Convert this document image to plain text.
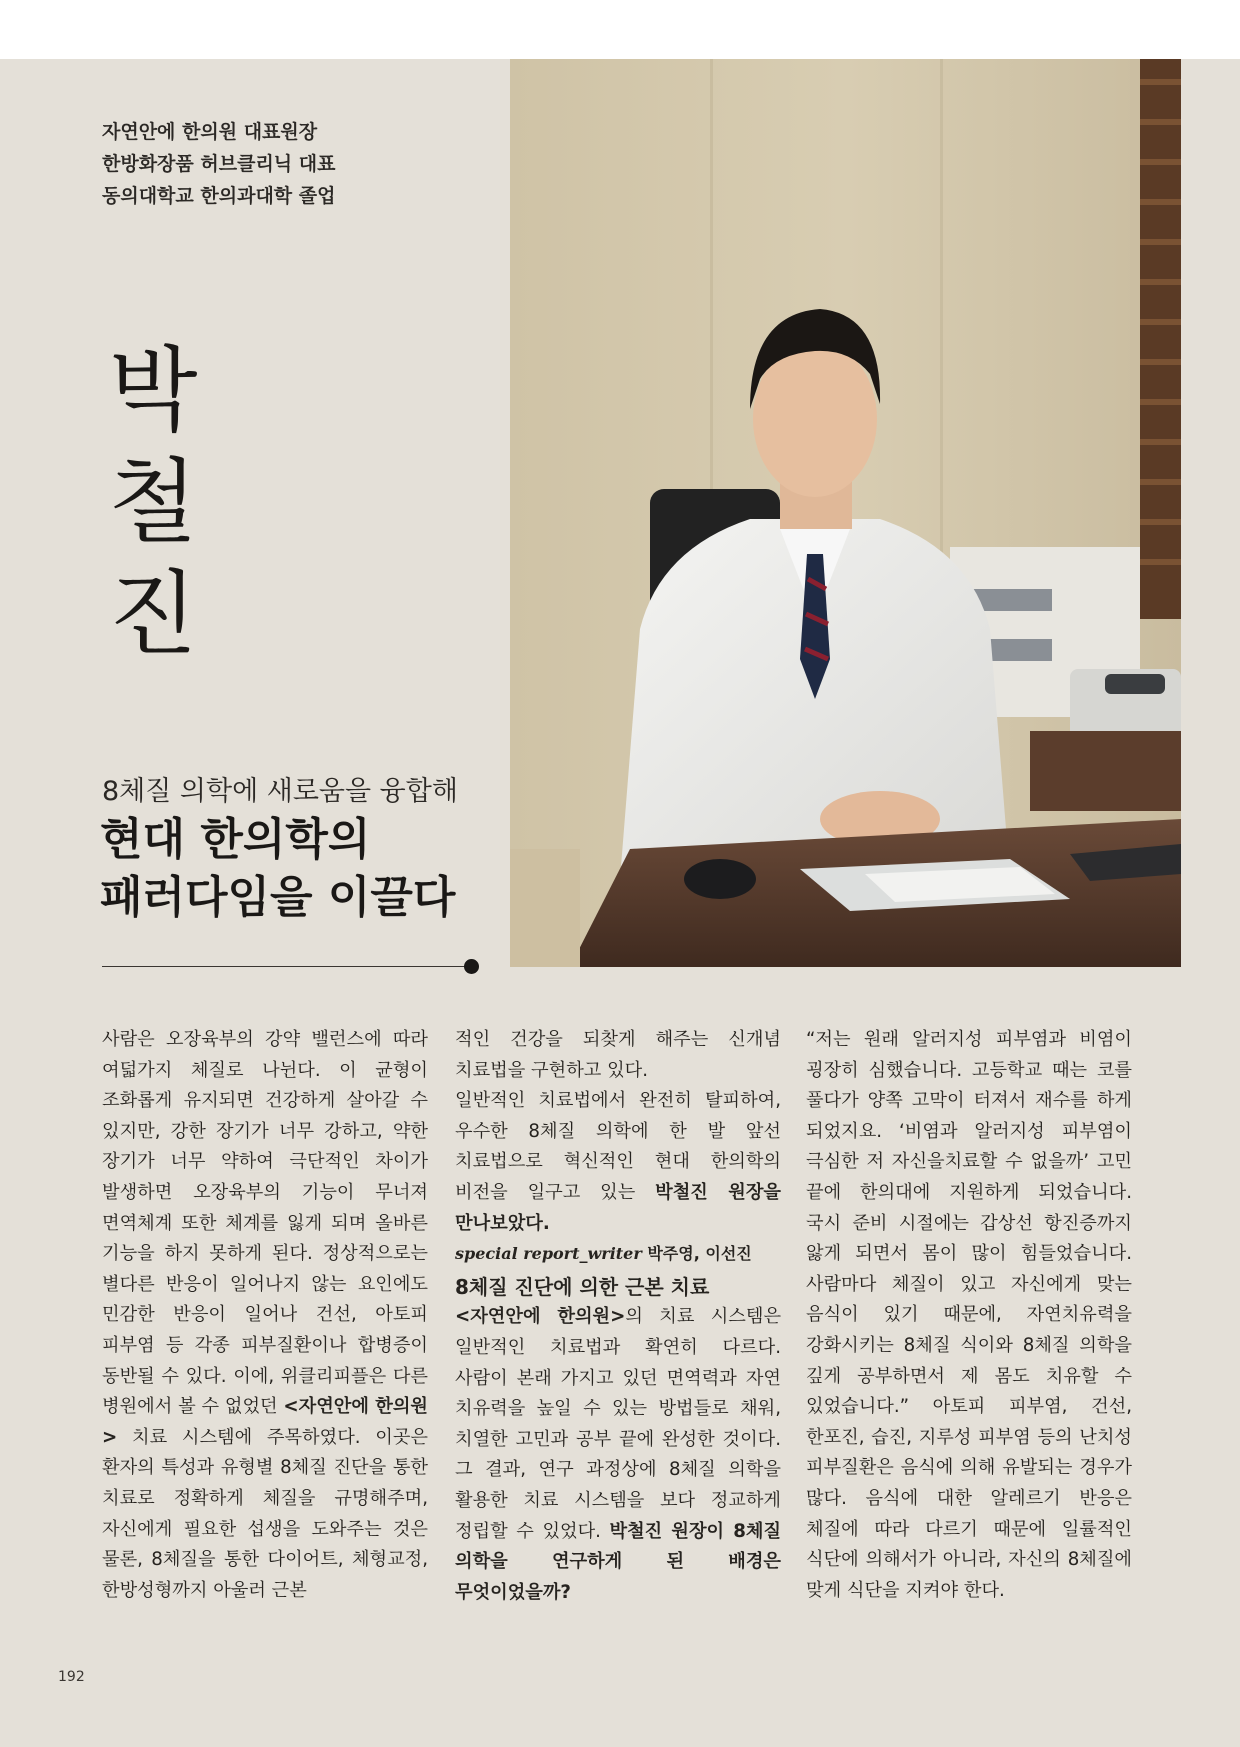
자연안에 한의원 대표원장
한방화장품 허브클리닉 대표
동의대학교 한의과대학 졸업
박
철
진
8체질 의학에 새로움을 융합해
현대 한의학의
패러다임을 이끌다

사람은 오장육부의 강약 밸런스에 따라 여덟가지 체질로 나뉜다. 이 균형이 조화롭게 유지되면 건강하게 살아갈 수 있지만, 강한 장기가 너무 강하고, 약한 장기가 너무 약하여 극단적인 차이가 발생하면 오장육부의 기능이 무너져 면역체계 또한 체계를 잃게 되며 올바른 기능을 하지 못하게 된다. 정상적으로는 별다른 반응이 일어나지 않는 요인에도 민감한 반응이 일어나 건선, 아토피 피부염 등 각종 피부질환이나 합병증이 동반될 수 있다. 이에, 위클리피플은 다른 병원에서 볼 수 없었던 <자연안에 한의원> 치료 시스템에 주목하였다. 이곳은 환자의 특성과 유형별 8체질 진단을 통한 치료로 정확하게 체질을 규명해주며, 자신에게 필요한 섭생을 도와주는 것은 물론, 8체질을 통한 다이어트, 체형교정, 한방성형까지 아울러 근본

적인 건강을 되찾게 해주는 신개념 치료법을 구현하고 있다.

일반적인 치료법에서 완전히 탈피하여, 우수한 8체질 의학에 한 발 앞선 치료법으로 혁신적인 현대 한의학의 비전을 일구고 있는 박철진 원장을 만나보았다.

special report_writer 박주영, 이선진

8체질 진단에 의한 근본 치료

<자연안에 한의원>의 치료 시스템은 일반적인 치료법과 확연히 다르다. 사람이 본래 가지고 있던 면역력과 자연 치유력을 높일 수 있는 방법들로 채워, 치열한 고민과 공부 끝에 완성한 것이다. 그 결과, 연구 과정상에 8체질 의학을 활용한 치료 시스템을 보다 정교하게 정립할 수 있었다. 박철진 원장이 8체질 의학을 연구하게 된 배경은 무엇이었을까?

“저는 원래 알러지성 피부염과 비염이 굉장히 심했습니다. 고등학교 때는 코를 풀다가 양쪽 고막이 터져서 재수를 하게 되었지요. ‘비염과 알러지성 피부염이 극심한 저 자신을치료할 수 없을까’ 고민 끝에 한의대에 지원하게 되었습니다. 국시 준비 시절에는 갑상선 항진증까지 앓게 되면서 몸이 많이 힘들었습니다. 사람마다 체질이 있고 자신에게 맞는 음식이 있기 때문에, 자연치유력을 강화시키는 8체질 식이와 8체질 의학을 깊게 공부하면서 제 몸도 치유할 수 있었습니다.” 아토피 피부염, 건선, 한포진, 습진, 지루성 피부염 등의 난치성 피부질환은 음식에 의해 유발되는 경우가 많다. 음식에 대한 알레르기 반응은 체질에 따라 다르기 때문에 일률적인 식단에 의해서가 아니라, 자신의 8체질에 맞게 식단을 지켜야 한다.

192
